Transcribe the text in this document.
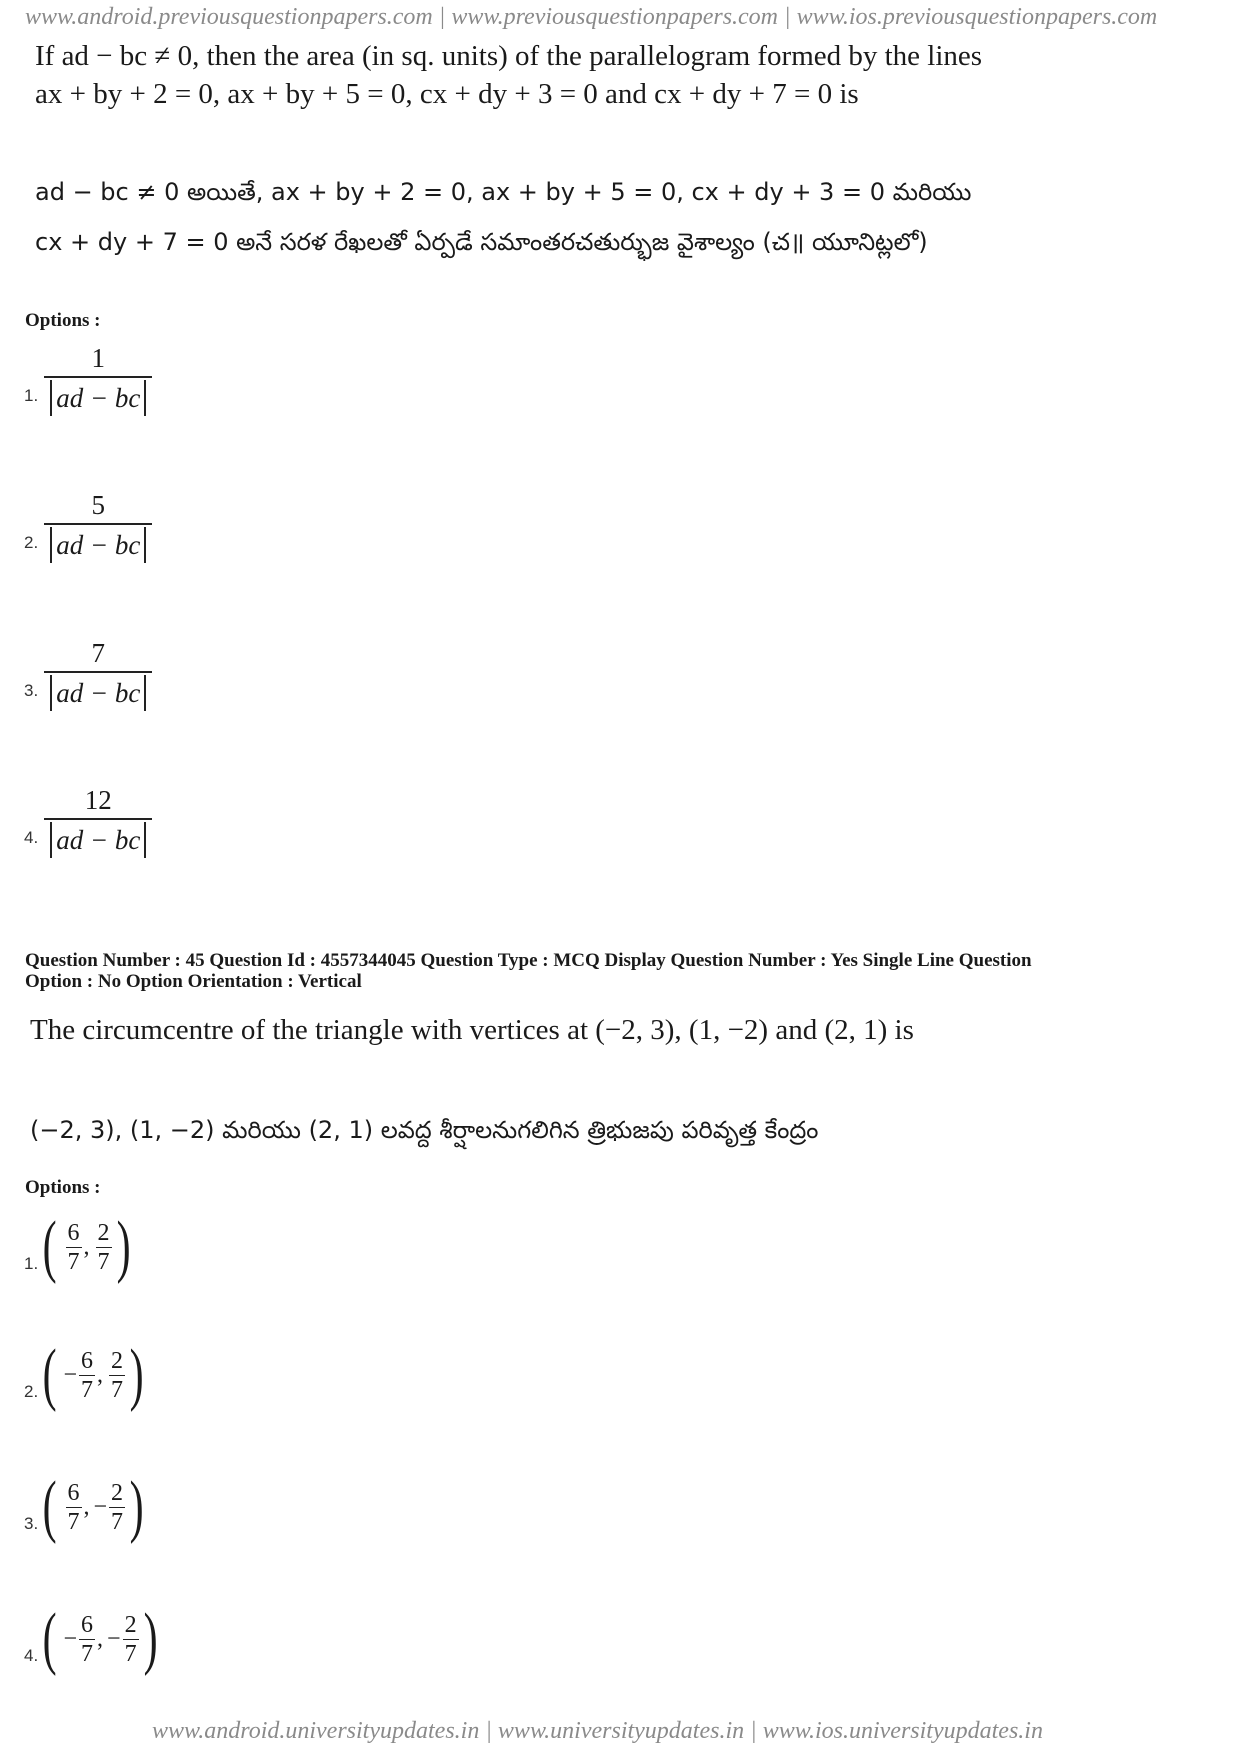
www.android.previousquestionpapers.com | www.previousquestionpapers.com | www.ios.previousquestionpapers.com
If ad − bc ≠ 0, then the area (in sq. units) of the parallelogram formed by the lines
ax + by + 2 = 0, ax + by + 5 = 0, cx + dy + 3 = 0 and cx + dy + 7 = 0 is
ad − bc ≠ 0 అయితే, ax + by + 2 = 0, ax + by + 5 = 0, cx + dy + 3 = 0 మరియు
cx + dy + 7 = 0 అనే సరళ రేఖలతో ఏర్పడే సమాంతరచతుర్భుజ వైశాల్యం (చ॥ యూనిట్లలో)
Options :
1. $\frac{1}{ad - bc}$
2. $\frac{5}{ad - bc}$
3. $\frac{7}{ad - bc}$
4. $\frac{12}{ad - bc}$
Question Number : 45 Question Id : 4557344045 Question Type : MCQ Display Question Number : Yes Single Line Question
Option : No Option Orientation : Vertical
The circumcentre of the triangle with vertices at (−2, 3), (1, −2) and (2, 1) is
(−2, 3), (1, −2) మరియు (2, 1) లవద్ద శీర్షాలనుగలిగిన త్రిభుజపు పరివృత్త కేంద్రం
Options :
1. ( $\frac{6}{7}$ , $\frac{2}{7}$ )
2. ( − $\frac{6}{7}$ , $\frac{2}{7}$ )
3. ( $\frac{6}{7}$ , − $\frac{2}{7}$ )
4. ( − $\frac{6}{7}$ , − $\frac{2}{7}$ )
www.android.universityupdates.in | www.universityupdates.in | www.ios.universityupdates.in
